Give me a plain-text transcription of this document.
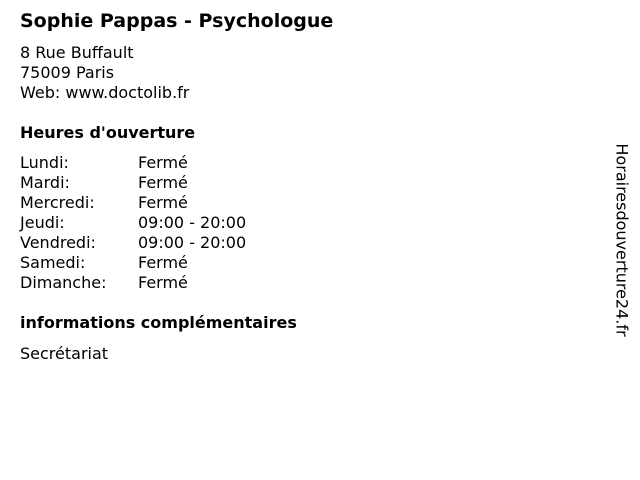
Sophie Pappas - Psychologue
8 Rue Buffault
75009 Paris
Web: www.doctolib.fr
Heures d'ouverture
Lundi:	Fermé
Mardi:	Fermé
Mercredi:	Fermé
Jeudi:	09:00 - 20:00
Vendredi:	09:00 - 20:00
Samedi:	Fermé
Dimanche: Fermé
informations complémentaires
Secrétariat
Horairesdouverture24.fr
